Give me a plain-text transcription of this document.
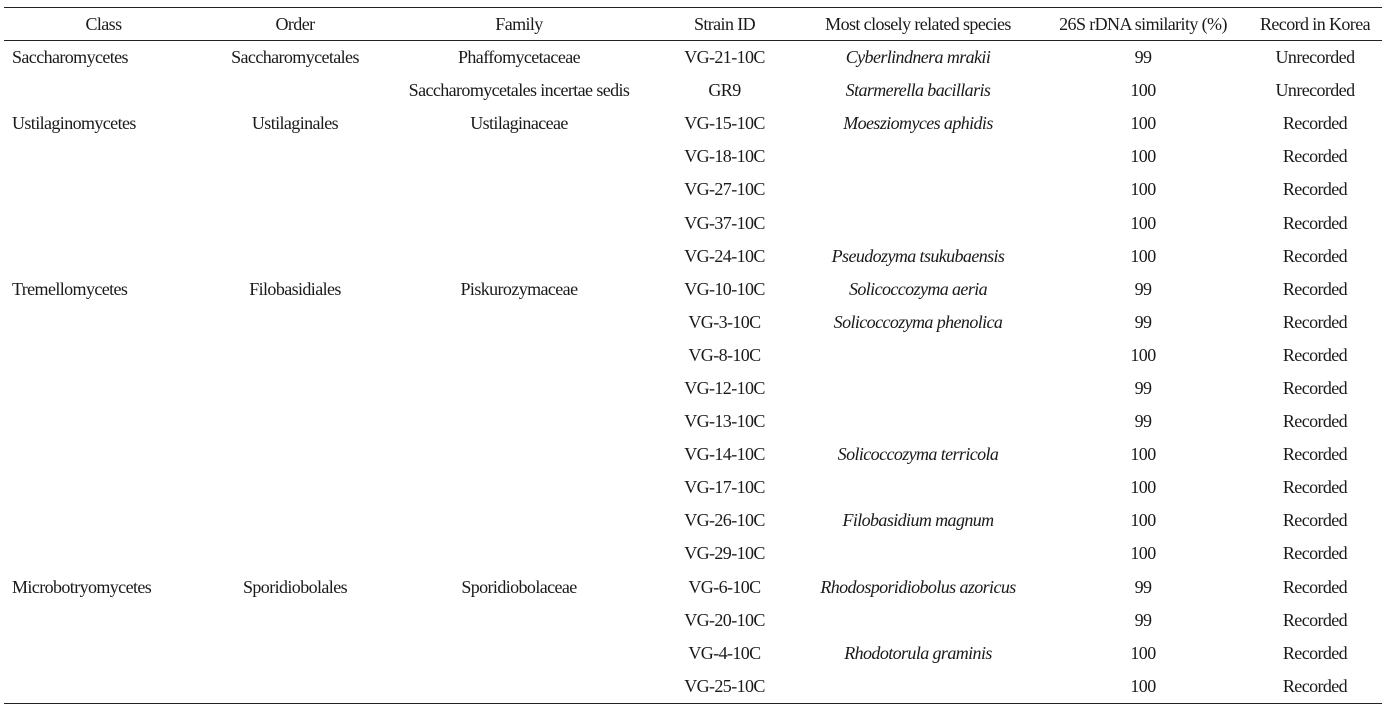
Class	Order	Family	Strain ID	Most closely related species	26S rDNA similarity (%)	Record in Korea
Saccharomycetes	Saccharomycetales	Phaffomycetaceae	VG-21-10C	Cyberlindnera mrakii	99	Unrecorded
		Saccharomycetales incertae sedis	GR9	Starmerella bacillaris	100	Unrecorded
Ustilaginomycetes	Ustilaginales	Ustilaginaceae	VG-15-10C	Moesziomyces aphidis	100	Recorded
			VG-18-10C		100	Recorded
			VG-27-10C		100	Recorded
			VG-37-10C		100	Recorded
			VG-24-10C	Pseudozyma tsukubaensis	100	Recorded
Tremellomycetes	Filobasidiales	Piskurozymaceae	VG-10-10C	Solicoccozyma aeria	99	Recorded
			VG-3-10C	Solicoccozyma phenolica	99	Recorded
			VG-8-10C		100	Recorded
			VG-12-10C		99	Recorded
			VG-13-10C		99	Recorded
			VG-14-10C	Solicoccozyma terricola	100	Recorded
			VG-17-10C		100	Recorded
			VG-26-10C	Filobasidium magnum	100	Recorded
			VG-29-10C		100	Recorded
Microbotryomycetes	Sporidiobolales	Sporidiobolaceae	VG-6-10C	Rhodosporidiobolus azoricus	99	Recorded
			VG-20-10C		99	Recorded
			VG-4-10C	Rhodotorula graminis	100	Recorded
			VG-25-10C		100	Recorded
